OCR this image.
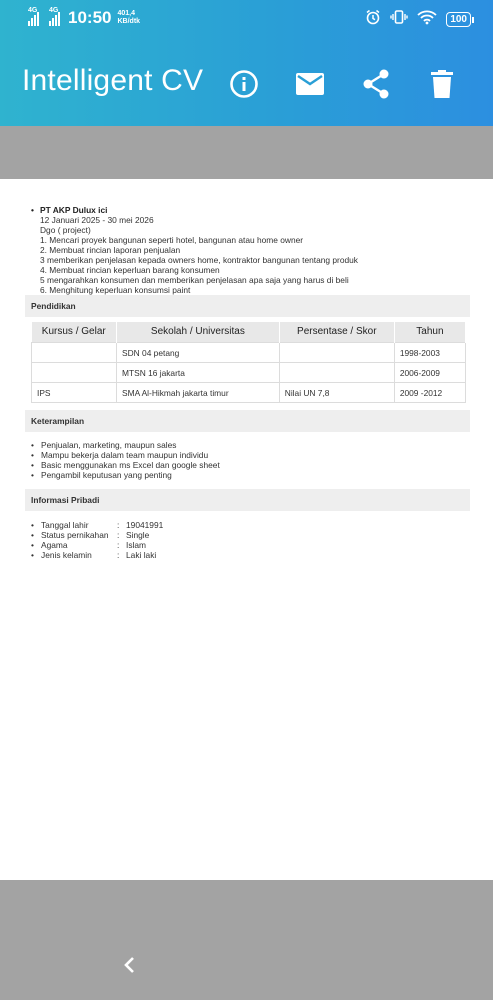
4G 4G 10:50 401,4
KB/dtk	100
Intelligent CV
• PT AKP Dulux ici
12 Januari 2025 - 30 mei 2026
Dgo ( project)
1. Mencari proyek bangunan seperti hotel, bangunan atau home owner
2. Membuat rincian laporan penjualan
3 memberikan penjelasan kepada owners home, kontraktor bangunan tentang produk
4. Membuat rincian keperluan barang konsumen
5 mengarahkan konsumen dan memberikan penjelasan apa saja yang harus di beli
6. Menghitung keperluan konsumsi paint
Pendidikan
Kursus / Gelar	Sekolah / Universitas	Persentase / Skor	Tahun
	SDN 04 petang		1998-2003
	MTSN 16 jakarta		2006-2009
IPS	SMA Al-Hikmah jakarta timur	Nilai UN 7,8	2009 -2012
Keterampilan
• Penjualan, marketing, maupun sales
• Mampu bekerja dalam team maupun individu
• Basic menggunakan ms Excel dan google sheet
• Pengambil keputusan yang penting
Informasi Pribadi
• Tanggal lahir	: 19041991
• Status pernikahan	: Single
• Agama	: Islam
• Jenis kelamin	: Laki laki
